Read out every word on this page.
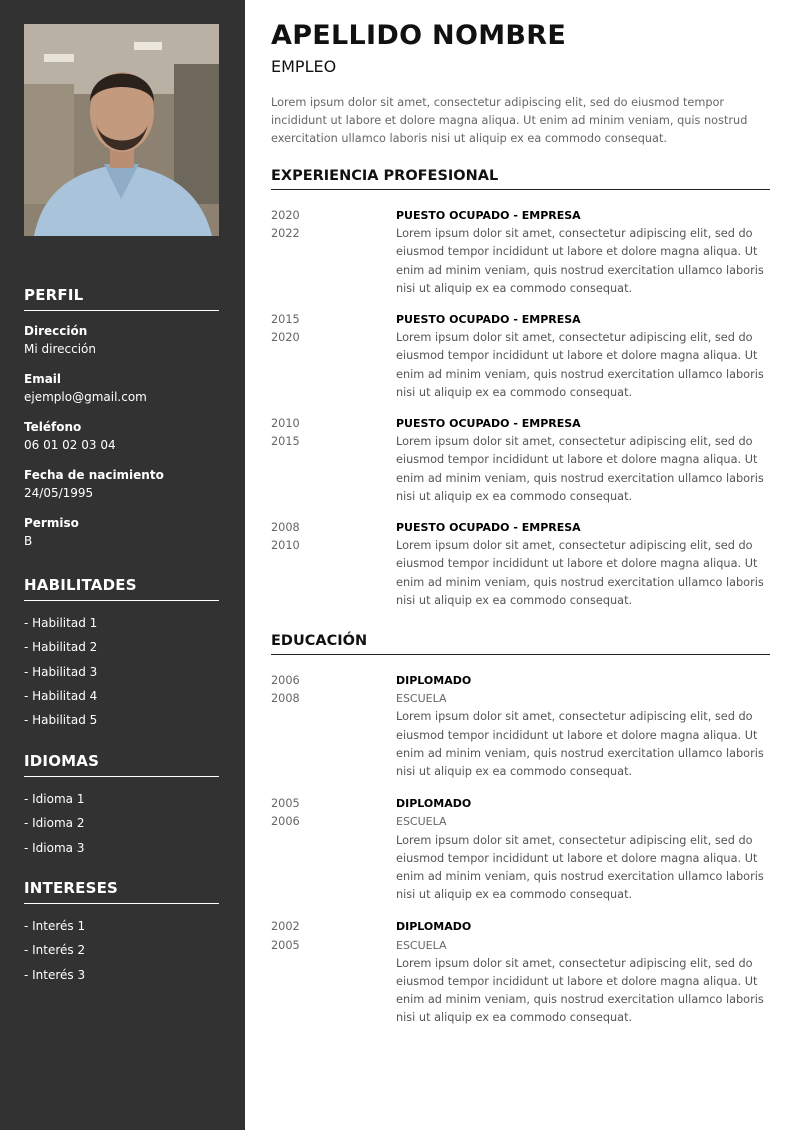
PERFIL
Dirección
Mi dirección
Email
ejemplo@gmail.com
Teléfono
06 01 02 03 04
Fecha de nacimiento
24/05/1995
Permiso
B
HABILITADES
- Habilitad 1
- Habilitad 2
- Habilitad 3
- Habilitad 4
- Habilitad 5
IDIOMAS
- Idioma 1
- Idioma 2
- Idioma 3
INTERESES
- Interés 1
- Interés 2
- Interés 3
APELLIDO NOMBRE
EMPLEO
Lorem ipsum dolor sit amet, consectetur adipiscing elit, sed do eiusmod tempor incididunt ut labore et dolore magna aliqua. Ut enim ad minim veniam, quis nostrud exercitation ullamco laboris nisi ut aliquip ex ea commodo consequat.
EXPERIENCIA PROFESIONAL
2020
2022
PUESTO OCUPADO - EMPRESA
Lorem ipsum dolor sit amet, consectetur adipiscing elit, sed do eiusmod tempor incididunt ut labore et dolore magna aliqua. Ut enim ad minim veniam, quis nostrud exercitation ullamco laboris nisi ut aliquip ex ea commodo consequat.
2015
2020
PUESTO OCUPADO - EMPRESA
Lorem ipsum dolor sit amet, consectetur adipiscing elit, sed do eiusmod tempor incididunt ut labore et dolore magna aliqua. Ut enim ad minim veniam, quis nostrud exercitation ullamco laboris nisi ut aliquip ex ea commodo consequat.
2010
2015
PUESTO OCUPADO - EMPRESA
Lorem ipsum dolor sit amet, consectetur adipiscing elit, sed do eiusmod tempor incididunt ut labore et dolore magna aliqua. Ut enim ad minim veniam, quis nostrud exercitation ullamco laboris nisi ut aliquip ex ea commodo consequat.
2008
2010
PUESTO OCUPADO - EMPRESA
Lorem ipsum dolor sit amet, consectetur adipiscing elit, sed do eiusmod tempor incididunt ut labore et dolore magna aliqua. Ut enim ad minim veniam, quis nostrud exercitation ullamco laboris nisi ut aliquip ex ea commodo consequat.
EDUCACIÓN
2006
2008
DIPLOMADO
ESCUELA
Lorem ipsum dolor sit amet, consectetur adipiscing elit, sed do eiusmod tempor incididunt ut labore et dolore magna aliqua. Ut enim ad minim veniam, quis nostrud exercitation ullamco laboris nisi ut aliquip ex ea commodo consequat.
2005
2006
DIPLOMADO
ESCUELA
Lorem ipsum dolor sit amet, consectetur adipiscing elit, sed do eiusmod tempor incididunt ut labore et dolore magna aliqua. Ut enim ad minim veniam, quis nostrud exercitation ullamco laboris nisi ut aliquip ex ea commodo consequat.
2002
2005
DIPLOMADO
ESCUELA
Lorem ipsum dolor sit amet, consectetur adipiscing elit, sed do eiusmod tempor incididunt ut labore et dolore magna aliqua. Ut enim ad minim veniam, quis nostrud exercitation ullamco laboris nisi ut aliquip ex ea commodo consequat.
